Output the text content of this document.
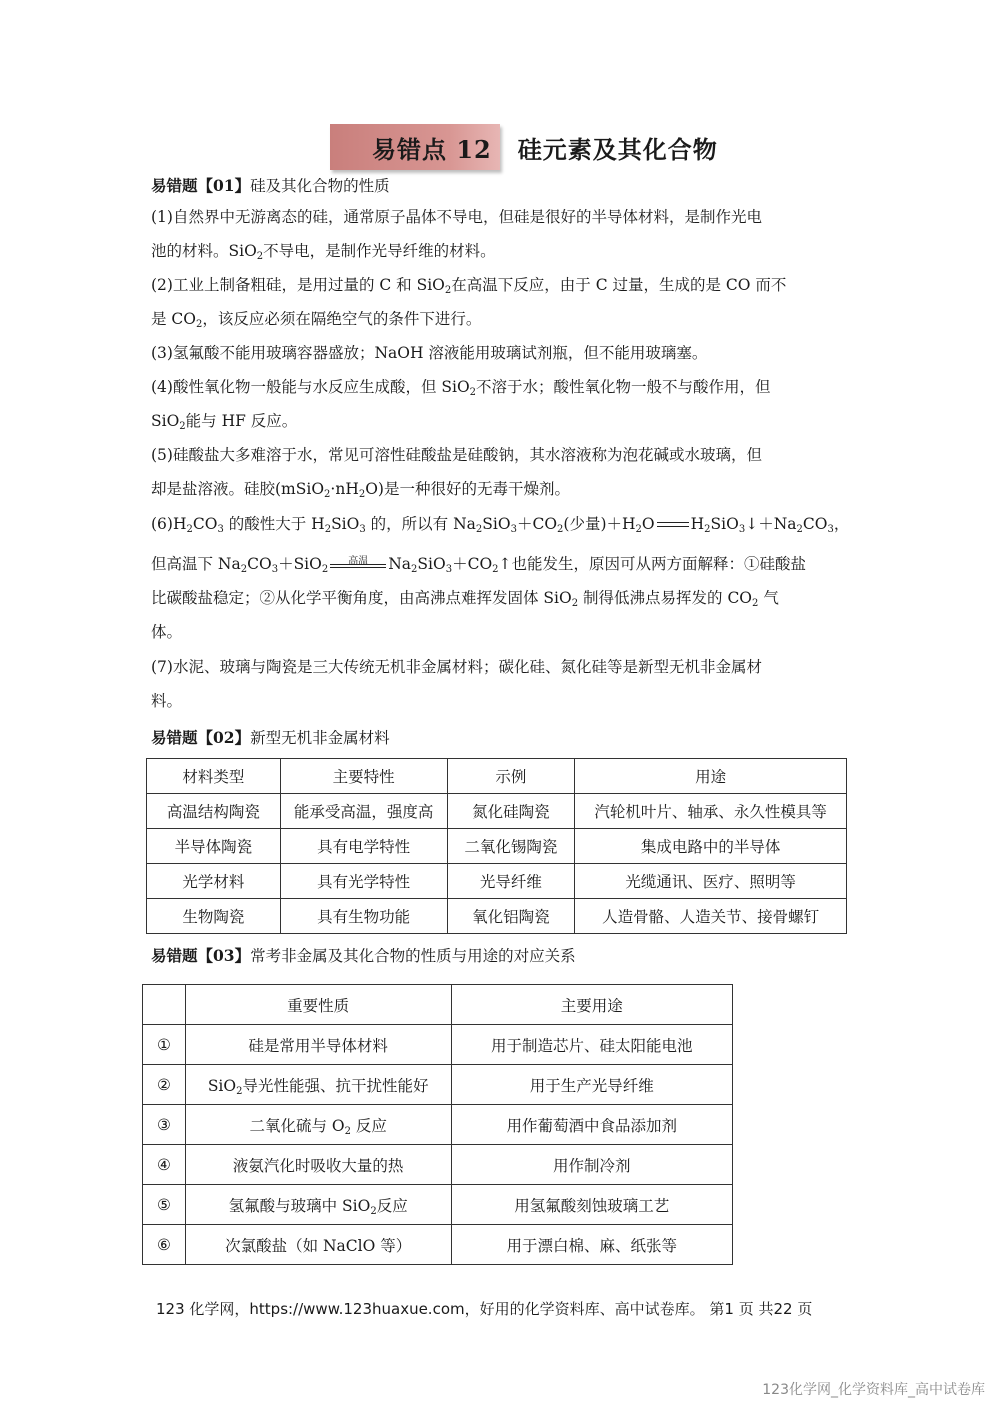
易错点 12 硅元素及其化合物
易错题【01】硅及其化合物的性质
(1)自然界中无游离态的硅，通常原子晶体不导电，但硅是很好的半导体材料，是制作光电
池的材料。SiO$_2$不导电，是制作光导纤维的材料。
(2)工业上制备粗硅，是用过量的 C 和 SiO$_2$在高温下反应，由于 C 过量，生成的是 CO 而不
是 $CO_2$，该反应必须在隔绝空气的条件下进行。
(3)氢氟酸不能用玻璃容器盛放；NaOH 溶液能用玻璃试剂瓶，但不能用玻璃塞。
(4)酸性氧化物一般能与水反应生成酸，但 SiO$_2$不溶于水；酸性氧化物一般不与酸作用，但
SiO$_2$能与 HF 反应。
(5)硅酸盐大多难溶于水，常见可溶性硅酸盐是硅酸钠，其水溶液称为泡花碱或水玻璃，但
却是盐溶液。硅胶$(mSiO_2\cdot nH_2O)$是一种很好的无毒干燥剂。
$(6)H_2CO_3$ 的酸性大于 $H_2SiO_3$ 的，所以有 $Na_2SiO_3+CO_2$(少量)$+H_2O$ $H_2SiO_3↓+Na_2CO_3$，
但高温下 $Na_2CO_3+SiO_2$
高温	$Na_2SiO_3+CO_2↑$也能发生，原因可从两方面解释：①硅酸盐
比碳酸盐稳定；②从化学平衡角度，由高沸点难挥发固体 SiO$_2$ 制得低沸点易挥发的 $CO_2$ 气
体。
(7)水泥、玻璃与陶瓷是三大传统无机非金属材料；碳化硅、氮化硅等是新型无机非金属材
料。
易错题【02】新型无机非金属材料
材料类型	主要特性	示例	用途
高温结构陶瓷	能承受高温，强度高	氮化硅陶瓷	汽轮机叶片、轴承、永久性模具等
半导体陶瓷	具有电学特性	二氧化锡陶瓷	集成电路中的半导体
光学材料	具有光学特性	光导纤维	光缆通讯、医疗、照明等
生物陶瓷	具有生物功能	氧化铝陶瓷	人造骨骼、人造关节、接骨螺钉
易错题【03】常考非金属及其化合物的性质与用途的对应关系
	重要性质	主要用途
①	硅是常用半导体材料	用于制造芯片、硅太阳能电池
②	SiO$_2$导光性能强、抗干扰性能好	用于生产光导纤维
③	二氧化硫与 $O_2$ 反应	用作葡萄酒中食品添加剂
④	液氨汽化时吸收大量的热	用作制冷剂
⑤	氢氟酸与玻璃中 SiO$_2$反应	用氢氟酸刻蚀玻璃工艺
⑥	次氯酸盐（如 NaClO 等）	用于漂白棉、麻、纸张等
123 化学网，https://www.123huaxue.com，好用的化学资料库、高中试卷库。 第1 页 共22 页
123化学网_化学资料库_高中试卷库
